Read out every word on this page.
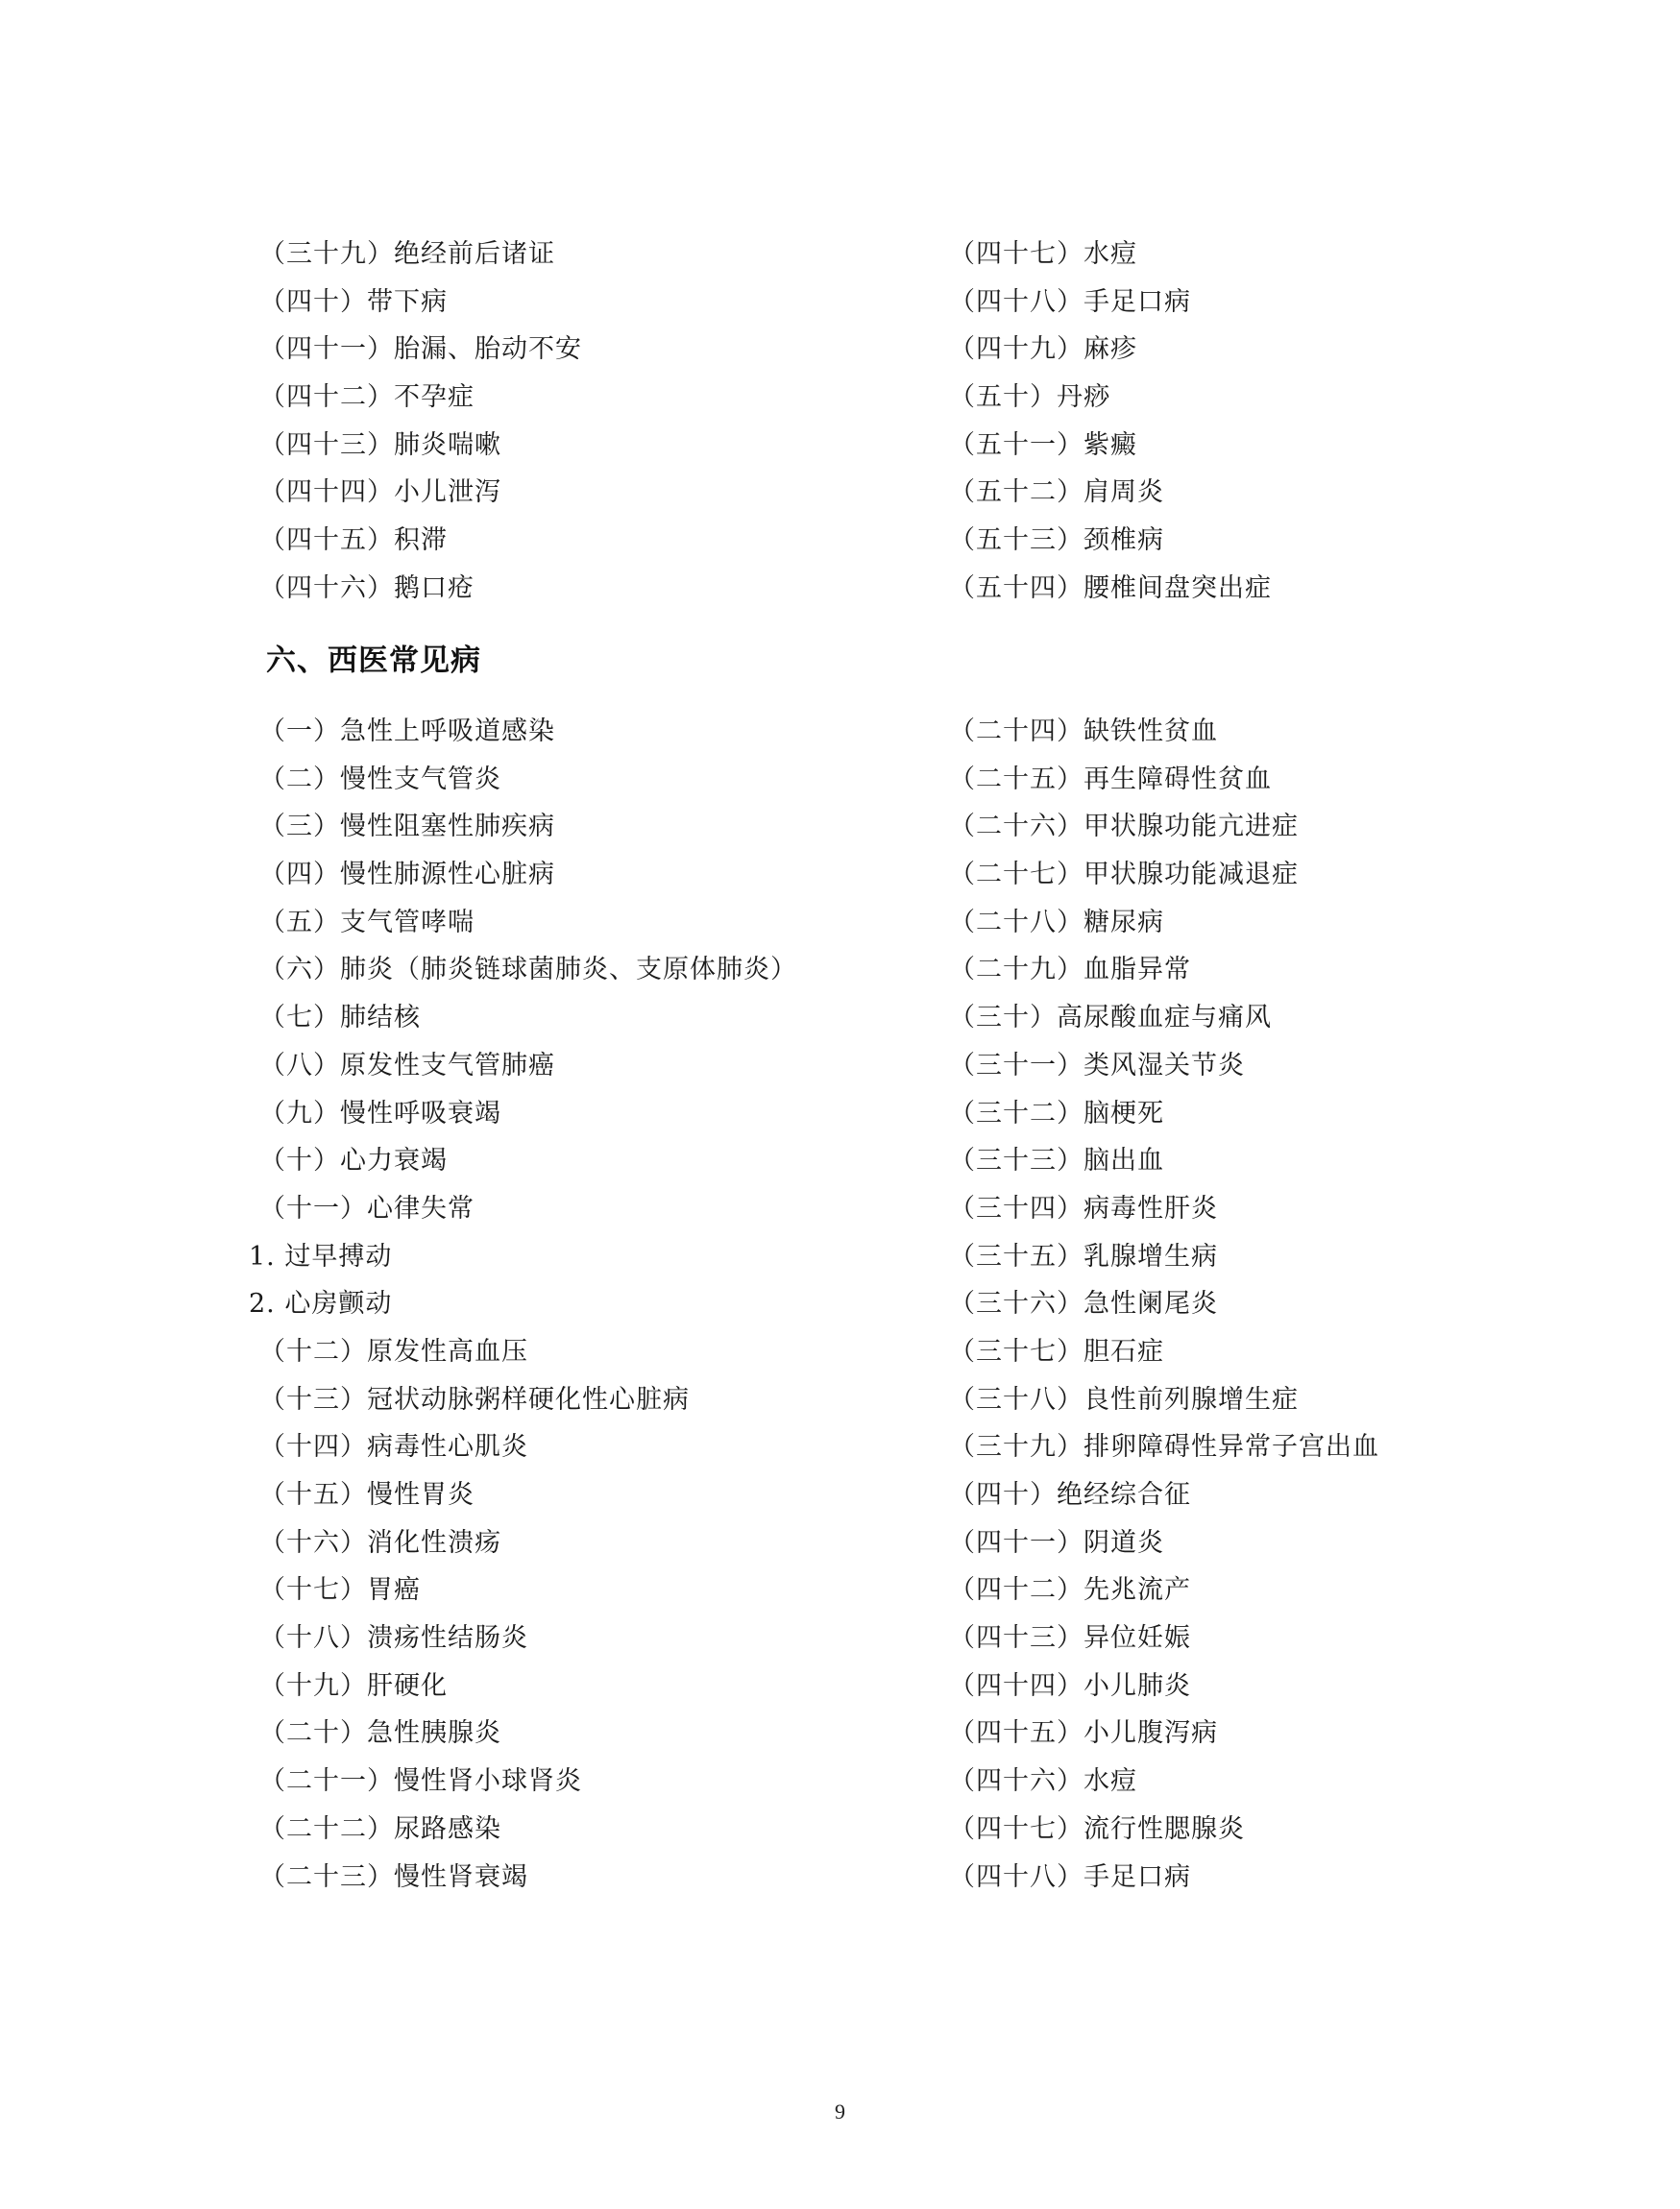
（三十九）绝经前后诸证
（四十）带下病
（四十一）胎漏、胎动不安
（四十二）不孕症
（四十三）肺炎喘嗽
（四十四）小儿泄泻
（四十五）积滞
（四十六）鹅口疮
（四十七）水痘
（四十八）手足口病
（四十九）麻疹
（五十）丹痧
（五十一）紫癜
（五十二）肩周炎
（五十三）颈椎病
（五十四）腰椎间盘突出症
六、西医常见病
（一）急性上呼吸道感染
（二）慢性支气管炎
（三）慢性阻塞性肺疾病
（四）慢性肺源性心脏病
（五）支气管哮喘
（六）肺炎（肺炎链球菌肺炎、支原体肺炎）
（七）肺结核
（八）原发性支气管肺癌
（九）慢性呼吸衰竭
（十）心力衰竭
（十一）心律失常
1. 过早搏动
2. 心房颤动
（十二）原发性高血压
（十三）冠状动脉粥样硬化性心脏病
（十四）病毒性心肌炎
（十五）慢性胃炎
（十六）消化性溃疡
（十七）胃癌
（十八）溃疡性结肠炎
（十九）肝硬化
（二十）急性胰腺炎
（二十一）慢性肾小球肾炎
（二十二）尿路感染
（二十三）慢性肾衰竭
（二十四）缺铁性贫血
（二十五）再生障碍性贫血
（二十六）甲状腺功能亢进症
（二十七）甲状腺功能减退症
（二十八）糖尿病
（二十九）血脂异常
（三十）高尿酸血症与痛风
（三十一）类风湿关节炎
（三十二）脑梗死
（三十三）脑出血
（三十四）病毒性肝炎
（三十五）乳腺增生病
（三十六）急性阑尾炎
（三十七）胆石症
（三十八）良性前列腺增生症
（三十九）排卵障碍性异常子宫出血
（四十）绝经综合征
（四十一）阴道炎
（四十二）先兆流产
（四十三）异位妊娠
（四十四）小儿肺炎
（四十五）小儿腹泻病
（四十六）水痘
（四十七）流行性腮腺炎
（四十八）手足口病
9
